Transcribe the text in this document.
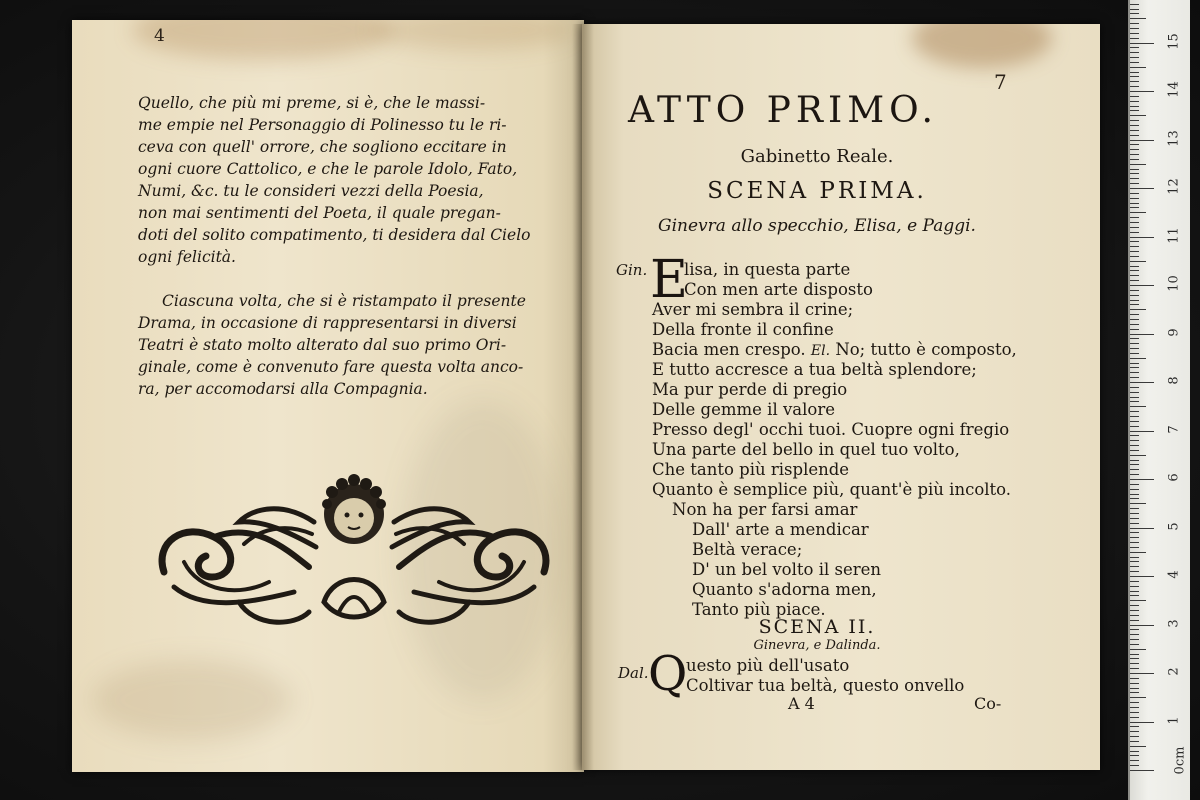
4
Quello, che più mi preme, si è, che le massi-
me empie nel Personaggio di Polinesso tu le ri-
ceva con quell' orrore, che sogliono eccitare in
ogni cuore Cattolico, e che le parole Idolo, Fato,
Numi, &c. tu le consideri vezzi della Poesia,
non mai sentimenti del Poeta, il quale pregan-
doti del solito compatimento, ti desidera dal Cielo
ogni felicità.
Ciascuna volta, che si è ristampato il presente
Drama, in occasione di rappresentarsi in diversi
Teatri è stato molto alterato dal suo primo Ori-
ginale, come è convenuto fare questa volta anco-
ra, per accomodarsi alla Compagnia.
7
ATTO PRIMO.
Gabinetto Reale.
SCENA PRIMA.
Ginevra allo specchio, Elisa, e Paggi.
Gin. E
lisa, in questa parte
Con men arte disposto
Aver mi sembra il crine;
Della fronte il confine
Bacia men crespo. El. No; tutto è composto,
E tutto accresce a tua beltà splendore;
Ma pur perde di pregio
Delle gemme il valore
Presso degl' occhi tuoi. Cuopre ogni fregio
Una parte del bello in quel tuo volto,
Che tanto più risplende
Quanto è semplice più, quant'è più incolto.
Non ha per farsi amar
Dall' arte a mendicar
Beltà verace;
D' un bel volto il seren
Quanto s'adorna men,
Tanto più piace.
SCENA II.
Ginevra, e Dalinda.
Dal. Q
uesto più dell'usato
Coltivar tua beltà, questo onvello
A 4	Co-
0cm
1
2
3
4
5
6
7
8
9
10
11
12
13
14
15
